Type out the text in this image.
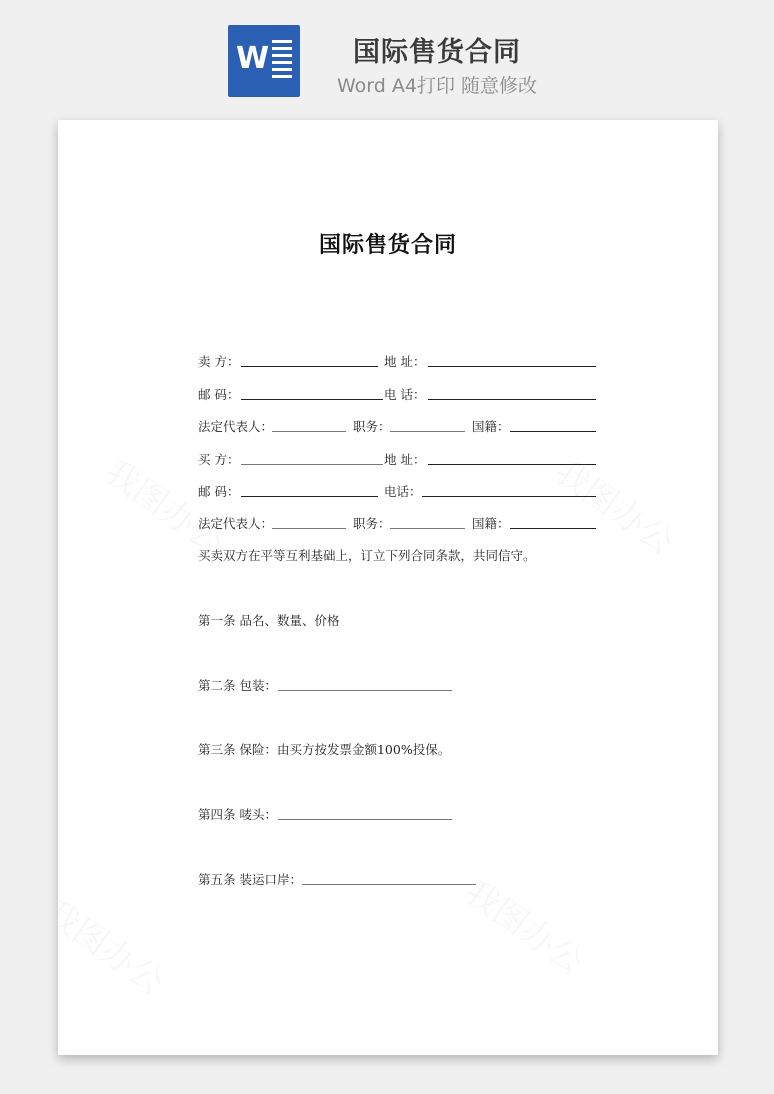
W	国际售货合同
Word A4打印 随意修改
国际售货合同
卖 方：	地 址：
邮 码：	电 话：
法定代表人：	职务：	国籍：
买 方：	地 址：
邮 码：	电话：
法定代表人：	职务：	国籍：
买卖双方在平等互利基础上，订立下列合同条款，共同信守。
第一条 品名、数量、价格
第二条 包装：
第三条 保险：由买方按发票金额100%投保。
第四条 唛头：
第五条 装运口岸：
